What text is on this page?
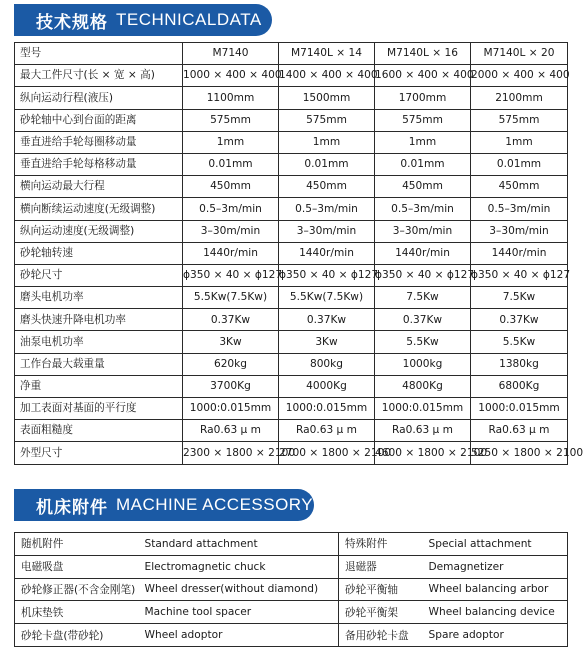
技术规格 TECHNICALDATA
型号	M7140	M7140L × 14	M7140L × 16	M7140L × 20
最大工件尺寸(长 × 宽 × 高)	1000 × 400 × 400	1400 × 400 × 400	1600 × 400 × 400	2000 × 400 × 400
纵向运动行程(液压)	1100mm	1500mm	1700mm	2100mm
砂轮轴中心到台面的距离	575mm	575mm	575mm	575mm
垂直进给手轮每圈移动量	1mm	1mm	1mm	1mm
垂直进给手轮每格移动量	0.01mm	0.01mm	0.01mm	0.01mm
横向运动最大行程	450mm	450mm	450mm	450mm
横向断续运动速度(无级调整)	0.5–3m/min	0.5–3m/min	0.5–3m/min	0.5–3m/min
纵向运动速度(无级调整)	3–30m/min	3–30m/min	3–30m/min	3–30m/min
砂轮轴转速	1440r/min	1440r/min	1440r/min	1440r/min
砂轮尺寸	ϕ350 × 40 × ϕ127	ϕ350 × 40 × ϕ127	ϕ350 × 40 × ϕ127	ϕ350 × 40 × ϕ127
磨头电机功率	5.5Kw(7.5Kw)	5.5Kw(7.5Kw)	7.5Kw	7.5Kw
磨头快速升降电机功率	0.37Kw	0.37Kw	0.37Kw	0.37Kw
油泵电机功率	3Kw	3Kw	5.5Kw	5.5Kw
工作台最大载重量	620kg	800kg	1000kg	1380kg
净重	3700Kg	4000Kg	4800Kg	6800Kg
加工表面对基面的平行度	1000:0.015mm	1000:0.015mm	1000:0.015mm	1000:0.015mm
表面粗糙度	Ra0.63 μ m	Ra0.63 μ m	Ra0.63 μ m	Ra0.63 μ m
外型尺寸	2300 × 1800 × 2100	2700 × 1800 × 2100	4600 × 1800 × 2100	5250 × 1800 × 2100
机床附件 MACHINE ACCESSORY
随机附件	Standard attachment	特殊附件	Special attachment
电磁吸盘	Electromagnetic chuck	退磁器	Demagnetizer
砂轮修正器(不含金刚笔)	Wheel dresser(without diamond)	砂轮平衡轴	Wheel balancing arbor
机床垫铁	Machine tool spacer	砂轮平衡架	Wheel balancing device
砂轮卡盘(带砂轮)	Wheel adoptor	备用砂轮卡盘	Spare adoptor
